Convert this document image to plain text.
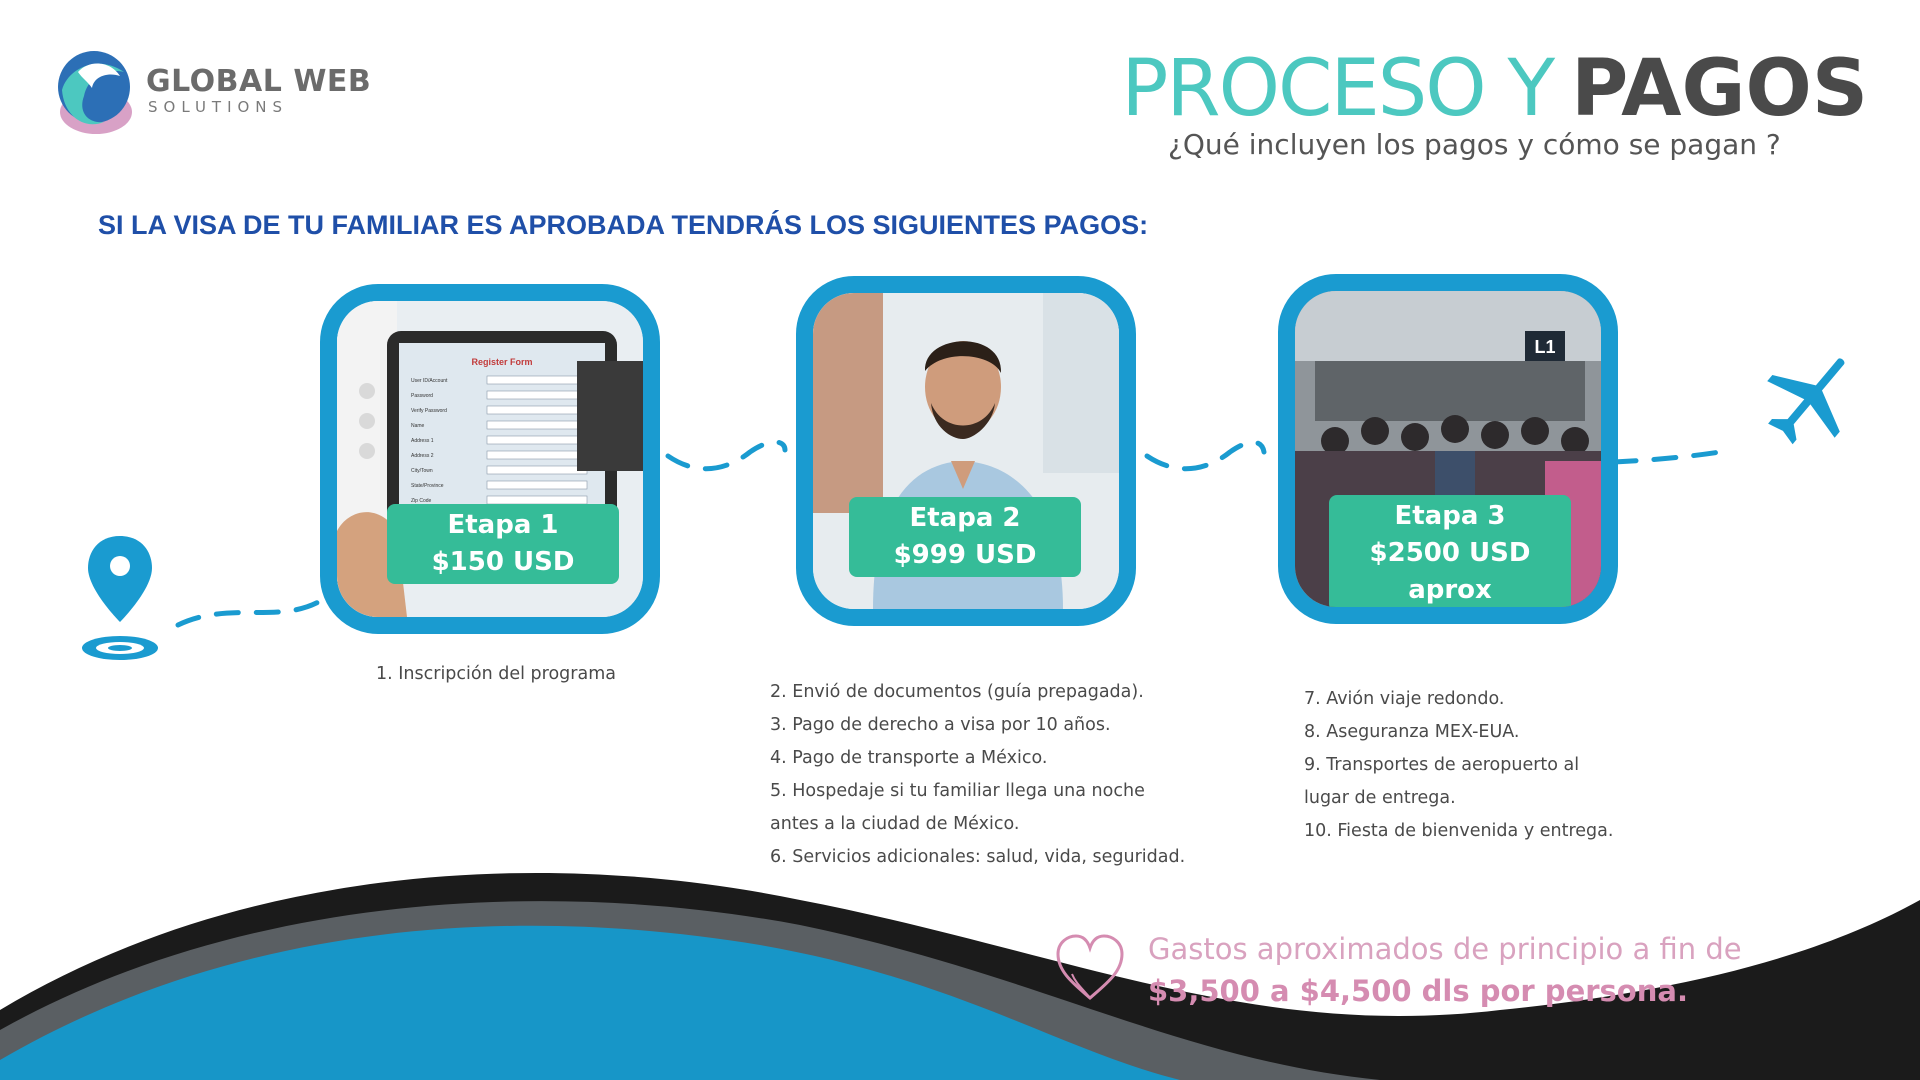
GLOBAL WEB
SOLUTIONS	PROCESO Y PAGOS
¿Qué incluyen los pagos y cómo se pagan ?
SI LA VISA DE TU FAMILIAR ES APROBADA TENDRÁS LOS SIGUIENTES PAGOS:
Register Form
User ID/Account
Password
Verify Password
Name
Address 1
Address 2
City/Town
State/Province
Zip Code
Etapa 1
$150 USD
Etapa 2
$999 USD
L1
Etapa 3
$2500 USD aprox
1. Inscripción del programa
2. Envió de documentos (guía prepagada).
3. Pago de derecho a visa por 10 años.
4. Pago de transporte a México.
5. Hospedaje si tu familiar llega una noche
antes a la ciudad de México.
6. Servicios adicionales: salud, vida, seguridad.
7. Avión viaje redondo.
8. Aseguranza MEX-EUA.
9. Transportes de aeropuerto al
lugar de entrega.
10. Fiesta de bienvenida y entrega.
Gastos aproximados de principio a fin de
$3,500 a $4,500 dls por persona.
